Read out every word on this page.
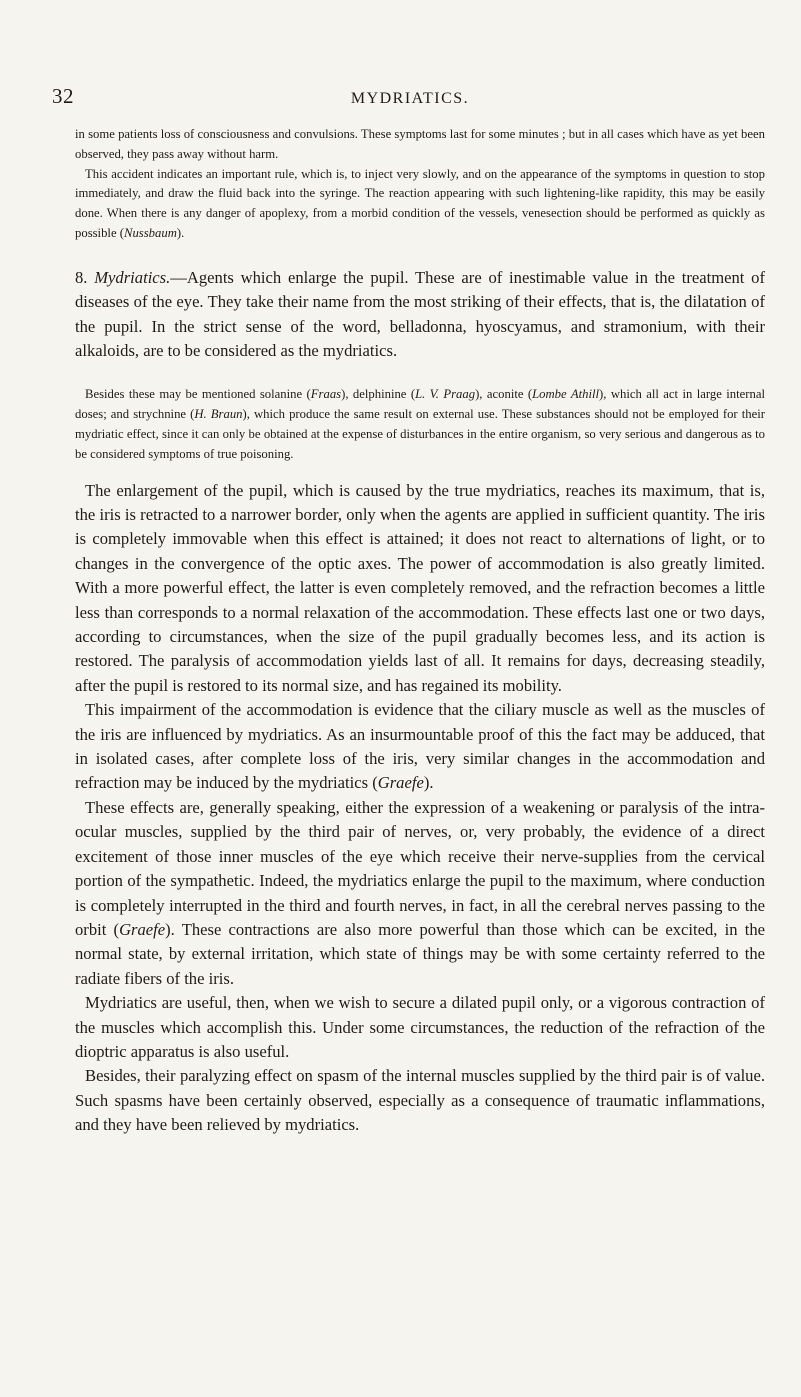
32	MYDRIATICS.

in some patients loss of consciousness and convulsions. These symptoms last for some minutes ; but in all cases which have as yet been observed, they pass away without harm.

This accident indicates an important rule, which is, to inject very slowly, and on the appearance of the symptoms in question to stop immediately, and draw the fluid back into the syringe. The reaction appearing with such lightening-like rapidity, this may be easily done. When there is any danger of apoplexy, from a morbid condition of the vessels, venesection should be performed as quickly as possible (Nussbaum).

8. Mydriatics.—Agents which enlarge the pupil. These are of inestimable value in the treatment of diseases of the eye. They take their name from the most striking of their effects, that is, the dilatation of the pupil. In the strict sense of the word, belladonna, hyoscyamus, and stramonium, with their alkaloids, are to be considered as the mydriatics.

Besides these may be mentioned solanine (Fraas), delphinine (L. V. Praag), aconite (Lombe Athill), which all act in large internal doses; and strychnine (H. Braun), which produce the same result on external use. These substances should not be employed for their mydriatic effect, since it can only be obtained at the expense of disturbances in the entire organism, so very serious and dangerous as to be considered symptoms of true poisoning.

The enlargement of the pupil, which is caused by the true mydriatics, reaches its maximum, that is, the iris is retracted to a narrower border, only when the agents are applied in sufficient quantity. The iris is completely immovable when this effect is attained; it does not react to alternations of light, or to changes in the convergence of the optic axes. The power of accommodation is also greatly limited. With a more powerful effect, the latter is even completely removed, and the refraction becomes a little less than corresponds to a normal relaxation of the accommodation. These effects last one or two days, according to circumstances, when the size of the pupil gradually becomes less, and its action is restored. The paralysis of accommodation yields last of all. It remains for days, decreasing steadily, after the pupil is restored to its normal size, and has regained its mobility.

This impairment of the accommodation is evidence that the ciliary muscle as well as the muscles of the iris are influenced by mydriatics. As an insurmountable proof of this the fact may be adduced, that in isolated cases, after complete loss of the iris, very similar changes in the accommodation and refraction may be induced by the mydriatics (Graefe).

These effects are, generally speaking, either the expression of a weakening or paralysis of the intra-ocular muscles, supplied by the third pair of nerves, or, very probably, the evidence of a direct excitement of those inner muscles of the eye which receive their nerve-supplies from the cervical portion of the sympathetic. Indeed, the mydriatics enlarge the pupil to the maximum, where conduction is completely interrupted in the third and fourth nerves, in fact, in all the cerebral nerves passing to the orbit (Graefe). These contractions are also more powerful than those which can be excited, in the normal state, by external irritation, which state of things may be with some certainty referred to the radiate fibers of the iris.

Mydriatics are useful, then, when we wish to secure a dilated pupil only, or a vigorous contraction of the muscles which accomplish this. Under some circumstances, the reduction of the refraction of the dioptric apparatus is also useful.

Besides, their paralyzing effect on spasm of the internal muscles supplied by the third pair is of value. Such spasms have been certainly observed, especially as a consequence of traumatic inflammations, and they have been relieved by mydriatics.
